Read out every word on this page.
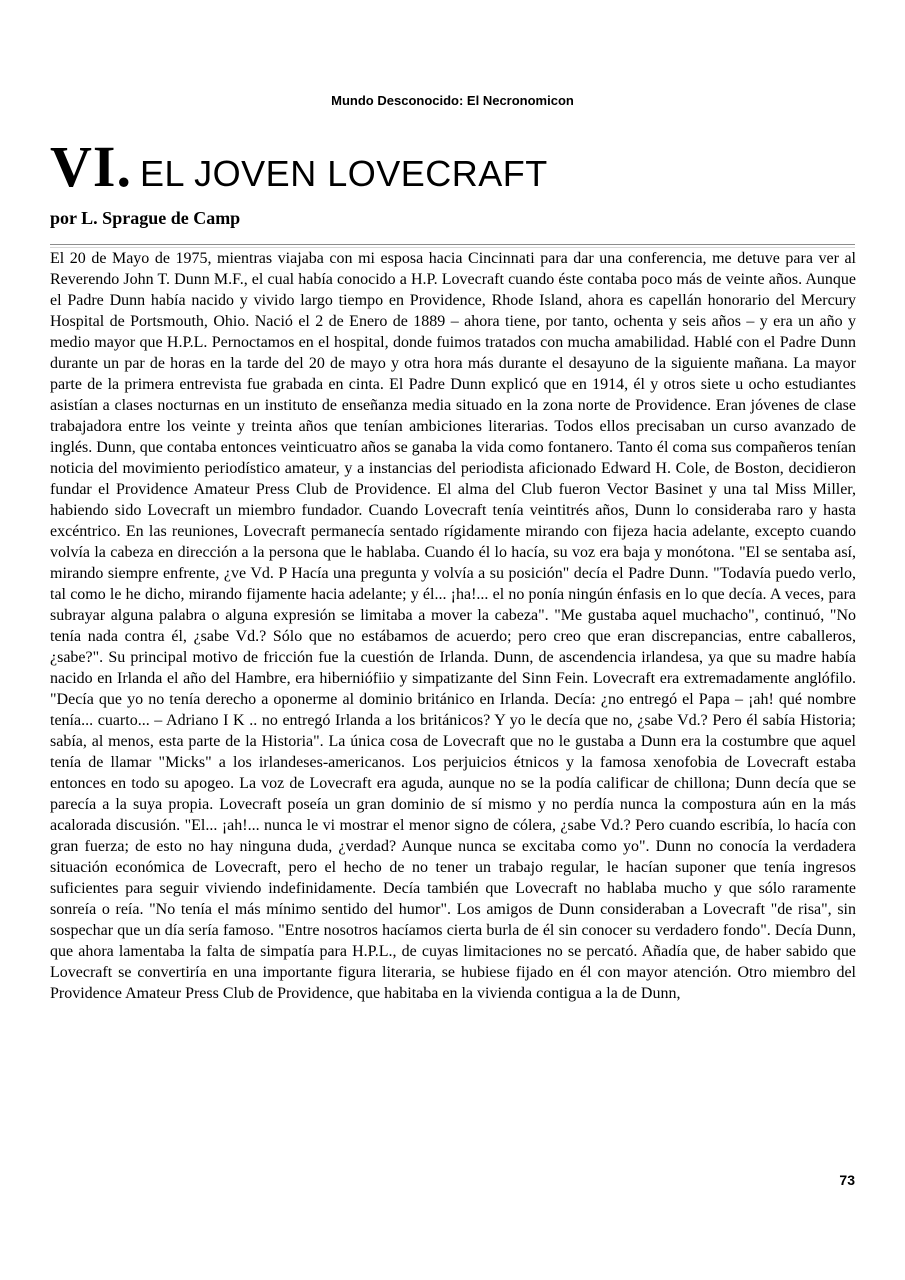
Mundo Desconocido: El Necronomicon
VI. EL JOVEN LOVECRAFT
por L. Sprague de Camp
El 20 de Mayo de 1975, mientras viajaba con mi esposa hacia Cincinnati para dar una conferencia, me detuve para ver al Reverendo John T. Dunn M.F., el cual había conocido a H.P. Lovecraft cuando éste contaba poco más de veinte años. Aunque el Padre Dunn había nacido y vivido largo tiempo en Providence, Rhode Island, ahora es capellán honorario del Mercury Hospital de Portsmouth, Ohio. Nació el 2 de Enero de 1889 – ahora tiene, por tanto, ochenta y seis años – y era un año y medio mayor que H.P.L. Pernoctamos en el hospital, donde fuimos tratados con mucha amabilidad. Hablé con el Padre Dunn durante un par de horas en la tarde del 20 de mayo y otra hora más durante el desayuno de la siguiente mañana. La mayor parte de la primera entrevista fue grabada en cinta. El Padre Dunn explicó que en 1914, él y otros siete u ocho estudiantes asistían a clases nocturnas en un instituto de enseñanza media situado en la zona norte de Providence. Eran jóvenes de clase trabajadora entre los veinte y treinta años que tenían ambiciones literarias. Todos ellos precisaban un curso avanzado de inglés. Dunn, que contaba entonces veinticuatro años se ganaba la vida como fontanero. Tanto él coma sus compañeros tenían noticia del movimiento periodístico amateur, y a instancias del periodista aficionado Edward H. Cole, de Boston, decidieron fundar el Providence Amateur Press Club de Providence. El alma del Club fueron Vector Basinet y una tal Miss Miller, habiendo sido Lovecraft un miembro fundador. Cuando Lovecraft tenía veintitrés años, Dunn lo consideraba raro y hasta excéntrico. En las reuniones, Lovecraft permanecía sentado rígidamente mirando con fijeza hacia adelante, excepto cuando volvía la cabeza en dirección a la persona que le hablaba. Cuando él lo hacía, su voz era baja y monótona. "El se sentaba así, mirando siempre enfrente, ¿ve Vd. P Hacía una pregunta y volvía a su posición" decía el Padre Dunn. "Todavía puedo verlo, tal como le he dicho, mirando fijamente hacia adelante; y él... ¡ha!... el no ponía ningún énfasis en lo que decía. A veces, para subrayar alguna palabra o alguna expresión se limitaba a mover la cabeza". "Me gustaba aquel muchacho", continuó, "No tenía nada contra él, ¿sabe Vd.? Sólo que no estábamos de acuerdo; pero creo que eran discrepancias, entre caballeros, ¿sabe?". Su principal motivo de fricción fue la cuestión de Irlanda. Dunn, de ascendencia irlandesa, ya que su madre había nacido en Irlanda el año del Hambre, era hiberniófiio y simpatizante del Sinn Fein. Lovecraft era extremadamente anglófilo. "Decía que yo no tenía derecho a oponerme al dominio británico en Irlanda. Decía: ¿no entregó el Papa – ¡ah! qué nombre tenía... cuarto... – Adriano I K .. no entregó Irlanda a los británicos? Y yo le decía que no, ¿sabe Vd.? Pero él sabía Historia; sabía, al menos, esta parte de la Historia". La única cosa de Lovecraft que no le gustaba a Dunn era la costumbre que aquel tenía de llamar "Micks" a los irlandeses-americanos. Los perjuicios étnicos y la famosa xenofobia de Lovecraft estaba entonces en todo su apogeo. La voz de Lovecraft era aguda, aunque no se la podía calificar de chillona; Dunn decía que se parecía a la suya propia. Lovecraft poseía un gran dominio de sí mismo y no perdía nunca la compostura aún en la más acalorada discusión. "El... ¡ah!... nunca le vi mostrar el menor signo de cólera, ¿sabe Vd.? Pero cuando escribía, lo hacía con gran fuerza; de esto no hay ninguna duda, ¿verdad? Aunque nunca se excitaba como yo". Dunn no conocía la verdadera situación económica de Lovecraft, pero el hecho de no tener un trabajo regular, le hacían suponer que tenía ingresos suficientes para seguir viviendo indefinidamente. Decía también que Lovecraft no hablaba mucho y que sólo raramente sonreía o reía. "No tenía el más mínimo sentido del humor". Los amigos de Dunn consideraban a Lovecraft "de risa", sin sospechar que un día sería famoso. "Entre nosotros hacíamos cierta burla de él sin conocer su verdadero fondo". Decía Dunn, que ahora lamentaba la falta de simpatía para H.P.L., de cuyas limitaciones no se percató. Añadía que, de haber sabido que Lovecraft se convertiría en una importante figura literaria, se hubiese fijado en él con mayor atención. Otro miembro del Providence Amateur Press Club de Providence, que habitaba en la vivienda contigua a la de Dunn,
73
